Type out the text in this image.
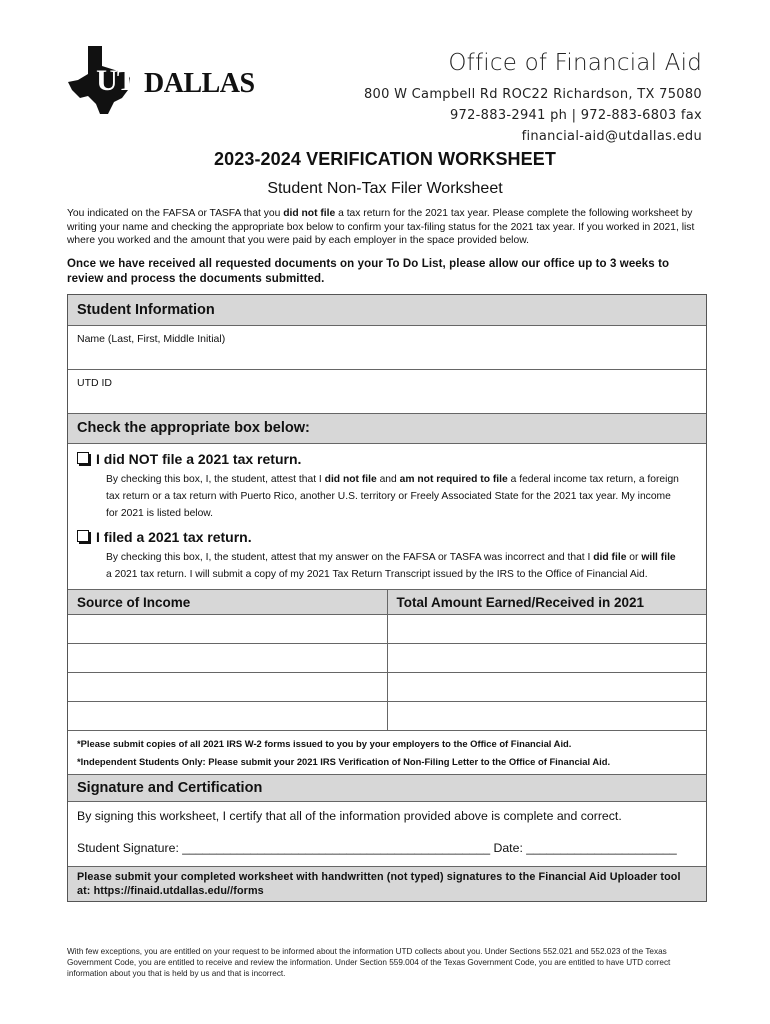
UT DALLAS
Office of Financial Aid
800 W Campbell Rd ROC22 Richardson, TX 75080
972-883-2941 ph | 972-883-6803 fax
financial-aid@utdallas.edu
2023-2024 VERIFICATION WORKSHEET
Student Non-Tax Filer Worksheet
You indicated on the FAFSA or TASFA that you did not file a tax return for the 2021 tax year. Please complete the following worksheet by writing your name and checking the appropriate box below to confirm your tax-filing status for the 2021 tax year. If you worked in 2021, list where you worked and the amount that you were paid by each employer in the space provided below.
Once we have received all requested documents on your To Do List, please allow our office up to 3 weeks to review and process the documents submitted.
Student Information
Name (Last, First, Middle Initial)
UTD ID
Check the appropriate box below:
I did NOT file a 2021 tax return.
By checking this box, I, the student, attest that I did not file and am not required to file a federal income tax return, a foreign tax return or a tax return with Puerto Rico, another U.S. territory or Freely Associated State for the 2021 tax year. My income for 2021 is listed below.
I filed a 2021 tax return.
By checking this box, I, the student, attest that my answer on the FAFSA or TASFA was incorrect and that I did file or will file a 2021 tax return. I will submit a copy of my 2021 Tax Return Transcript issued by the IRS to the Office of Financial Aid.
Source of Income	Total Amount Earned/Received in 2021

*Please submit copies of all 2021 IRS W-2 forms issued to you by your employers to the Office of Financial Aid.
*Independent Students Only: Please submit your 2021 IRS Verification of Non-Filing Letter to the Office of Financial Aid.
Signature and Certification
By signing this worksheet, I certify that all of the information provided above is complete and correct.
Student Signature: _____________________________________________ Date: ______________________
Please submit your completed worksheet with handwritten (not typed) signatures to the Financial Aid Uploader tool at: https://finaid.utdallas.edu//forms
With few exceptions, you are entitled on your request to be informed about the information UTD collects about you. Under Sections 552.021 and 552.023 of the Texas Government Code, you are entitled to receive and review the information. Under Section 559.004 of the Texas Government Code, you are entitled to have UTD correct information about you that is held by us and that is incorrect.
